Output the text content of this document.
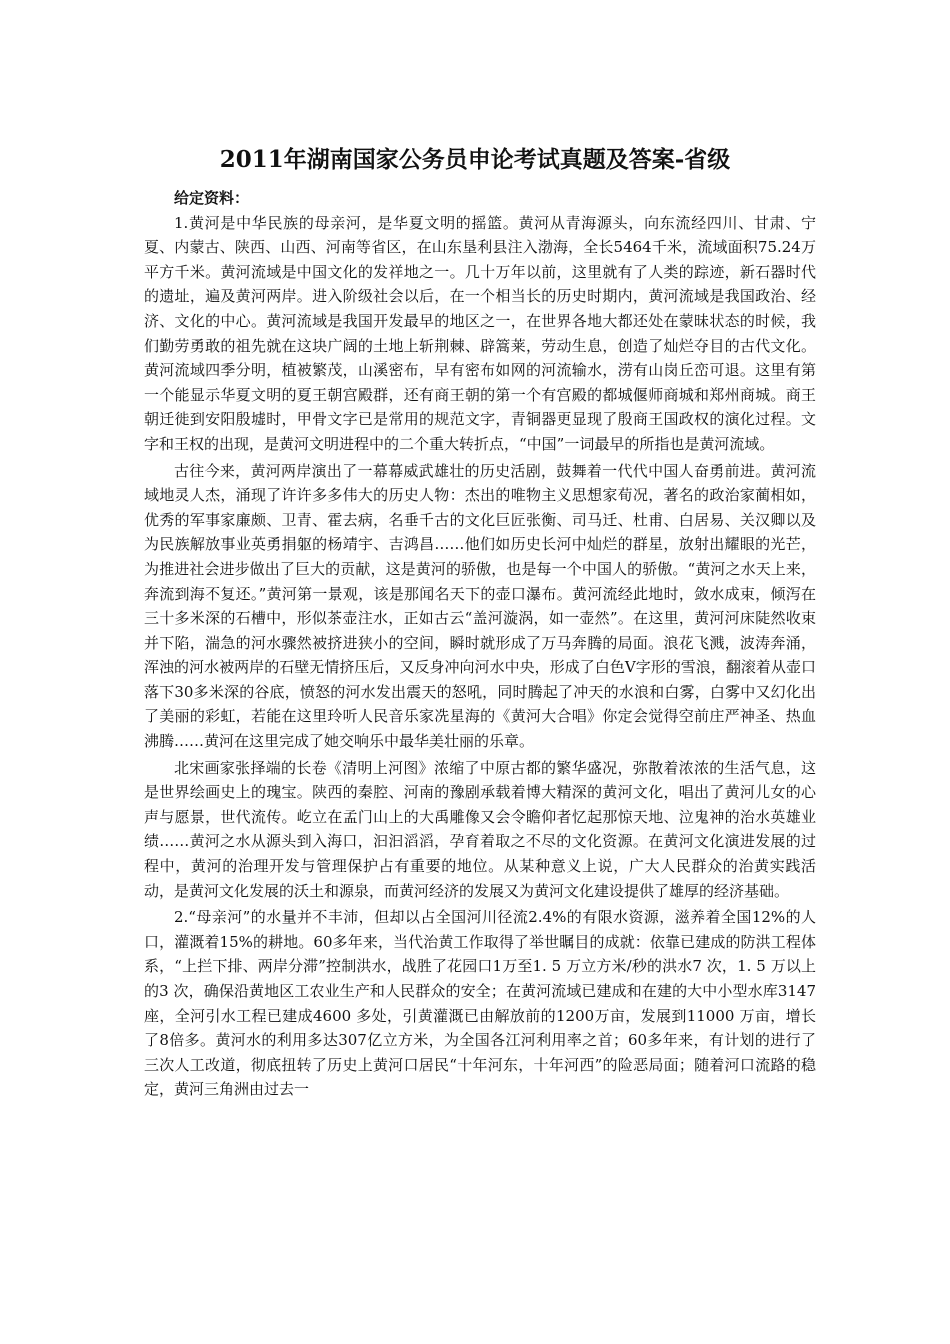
2011年湖南国家公务员申论考试真题及答案-省级

给定资料：

1.黄河是中华民族的母亲河，是华夏文明的摇篮。黄河从青海源头，向东流经四川、甘肃、宁夏、内蒙古、陕西、山西、河南等省区，在山东垦利县注入渤海，全长5464千米，流域面积75.24万平方千米。黄河流域是中国文化的发祥地之一。几十万年以前，这里就有了人类的踪迹，新石器时代的遗址，遍及黄河两岸。进入阶级社会以后，在一个相当长的历史时期内，黄河流域是我国政治、经济、文化的中心。黄河流域是我国开发最早的地区之一，在世界各地大都还处在蒙昧状态的时候，我们勤劳勇敢的祖先就在这块广阔的土地上斩荆棘、辟篙莱，劳动生息，创造了灿烂夺目的古代文化。黄河流域四季分明，植被繁茂，山溪密布，早有密布如网的河流输水，涝有山岗丘峦可退。这里有第一个能显示华夏文明的夏王朝宫殿群，还有商王朝的第一个有宫殿的都城偃师商城和郑州商城。商王朝迁徙到安阳殷墟时，甲骨文字已是常用的规范文字，青铜器更显现了殷商王国政权的演化过程。文字和王权的出现，是黄河文明进程中的二个重大转折点，“中国”一词最早的所指也是黄河流域。

古往今来，黄河两岸演出了一幕幕威武雄壮的历史活剧，鼓舞着一代代中国人奋勇前进。黄河流域地灵人杰，涌现了许许多多伟大的历史人物：杰出的唯物主义思想家荀况，著名的政治家蔺相如，优秀的军事家廉颇、卫青、霍去病，名垂千古的文化巨匠张衡、司马迁、杜甫、白居易、关汉卿以及为民族解放事业英勇捐躯的杨靖宇、吉鸿昌……他们如历史长河中灿烂的群星，放射出耀眼的光芒，为推进社会进步做出了巨大的贡献，这是黄河的骄傲，也是每一个中国人的骄傲。“黄河之水天上来，奔流到海不复还。”黄河第一景观，该是那闻名天下的壶口瀑布。黄河流经此地时，敛水成束，倾泻在三十多米深的石槽中，形似茶壶注水，正如古云“盖河漩涡，如一壶然”。在这里，黄河河床陡然收束并下陷，湍急的河水骤然被挤进狭小的空间，瞬时就形成了万马奔腾的局面。浪花飞溅，波涛奔涌，浑浊的河水被两岸的石壁无情挤压后，又反身冲向河水中央，形成了白色V字形的雪浪，翻滚着从壶口落下30多米深的谷底，愤怒的河水发出震天的怒吼，同时腾起了冲天的水浪和白雾，白雾中又幻化出了美丽的彩虹，若能在这里玲听人民音乐家冼星海的《黄河大合唱》你定会觉得空前庄严神圣、热血沸腾……黄河在这里完成了她交响乐中最华美壮丽的乐章。

北宋画家张择端的长卷《清明上河图》浓缩了中原古都的繁华盛况，弥散着浓浓的生活气息，这是世界绘画史上的瑰宝。陕西的秦腔、河南的豫剧承载着博大精深的黄河文化，唱出了黄河儿女的心声与愿景，世代流传。屹立在孟门山上的大禹雕像又会令瞻仰者忆起那惊天地、泣鬼神的治水英雄业绩……黄河之水从源头到入海口，汩汩滔滔，孕育着取之不尽的文化资源。在黄河文化演进发展的过程中，黄河的治理开发与管理保护占有重要的地位。从某种意义上说，广大人民群众的治黄实践活动，是黄河文化发展的沃土和源泉，而黄河经济的发展又为黄河文化建设提供了雄厚的经济基础。

2.“母亲河”的水量并不丰沛，但却以占全国河川径流2.4%的有限水资源，滋养着全国12%的人口，灌溉着15%的耕地。60多年来，当代治黄工作取得了举世瞩目的成就：依靠已建成的防洪工程体系，“上拦下排、两岸分滞”控制洪水，战胜了花园口1万至1. 5 万立方米/秒的洪水7 次，1. 5 万以上的3 次，确保沿黄地区工农业生产和人民群众的安全；在黄河流域已建成和在建的大中小型水库3147 座，全河引水工程已建成4600 多处，引黄灌溉已由解放前的1200万亩，发展到11000 万亩，增长了8倍多。黄河水的利用多达307亿立方米，为全国各江河利用率之首；60多年来，有计划的进行了三次人工改道，彻底扭转了历史上黄河口居民“十年河东，十年河西”的险恶局面；随着河口流路的稳定，黄河三角洲由过去一
